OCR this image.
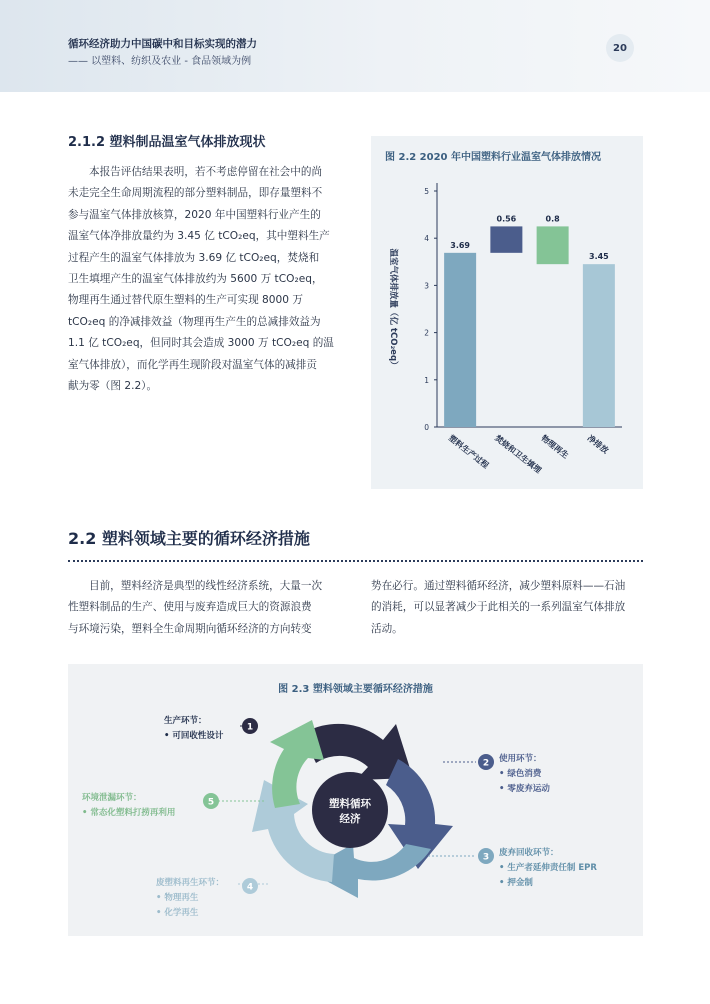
循环经济助力中国碳中和目标实现的潜力
—— 以塑料、纺织及农业 - 食品领域为例
20
2.1.2 塑料制品温室气体排放现状
本报告评估结果表明，若不考虑停留在社会中的尚
未走完全生命周期流程的部分塑料制品，即存量塑料不
参与温室气体排放核算，2020 年中国塑料行业产生的
温室气体净排放量约为 3.45 亿 tCO₂eq，其中塑料生产
过程产生的温室气体排放为 3.69 亿 tCO₂eq，焚烧和
卫生填埋产生的温室气体排放约为 5600 万 tCO₂eq，
物理再生通过替代原生塑料的生产可实现 8000 万
tCO₂eq 的净减排效益（物理再生产生的总减排效益为
1.1 亿 tCO₂eq，但同时其会造成 3000 万 tCO₂eq 的温
室气体排放），而化学再生现阶段对温室气体的减排贡
献为零（图 2.2）。
图 2.2 2020 年中国塑料行业温室气体排放情况
0
1
2
3
4
5
温室气体排放量（亿 tCO₂eq）
3.69
塑料生产过程
0.56
焚烧和卫生填埋
0.8
物理再生
3.45
净排放
2.2 塑料领域主要的循环经济措施
目前，塑料经济是典型的线性经济系统，大量一次
性塑料制品的生产、使用与废弃造成巨大的资源浪费
与环境污染，塑料全生命周期向循环经济的方向转变
势在必行。通过塑料循环经济，减少塑料原料——石油
的消耗，可以显著减少于此相关的一系列温室气体排放
活动。
图 2.3 塑料领域主要循环经济措施
塑料循环
经济
1
2
3
4
5
生产环节：
• 可回收性设计
使用环节：
• 绿色消费
• 零废弃运动
废弃回收环节：
• 生产者延伸责任制 EPR
• 押金制
废塑料再生环节：
• 物理再生
• 化学再生
环境泄漏环节：
• 常态化塑料打捞再利用
